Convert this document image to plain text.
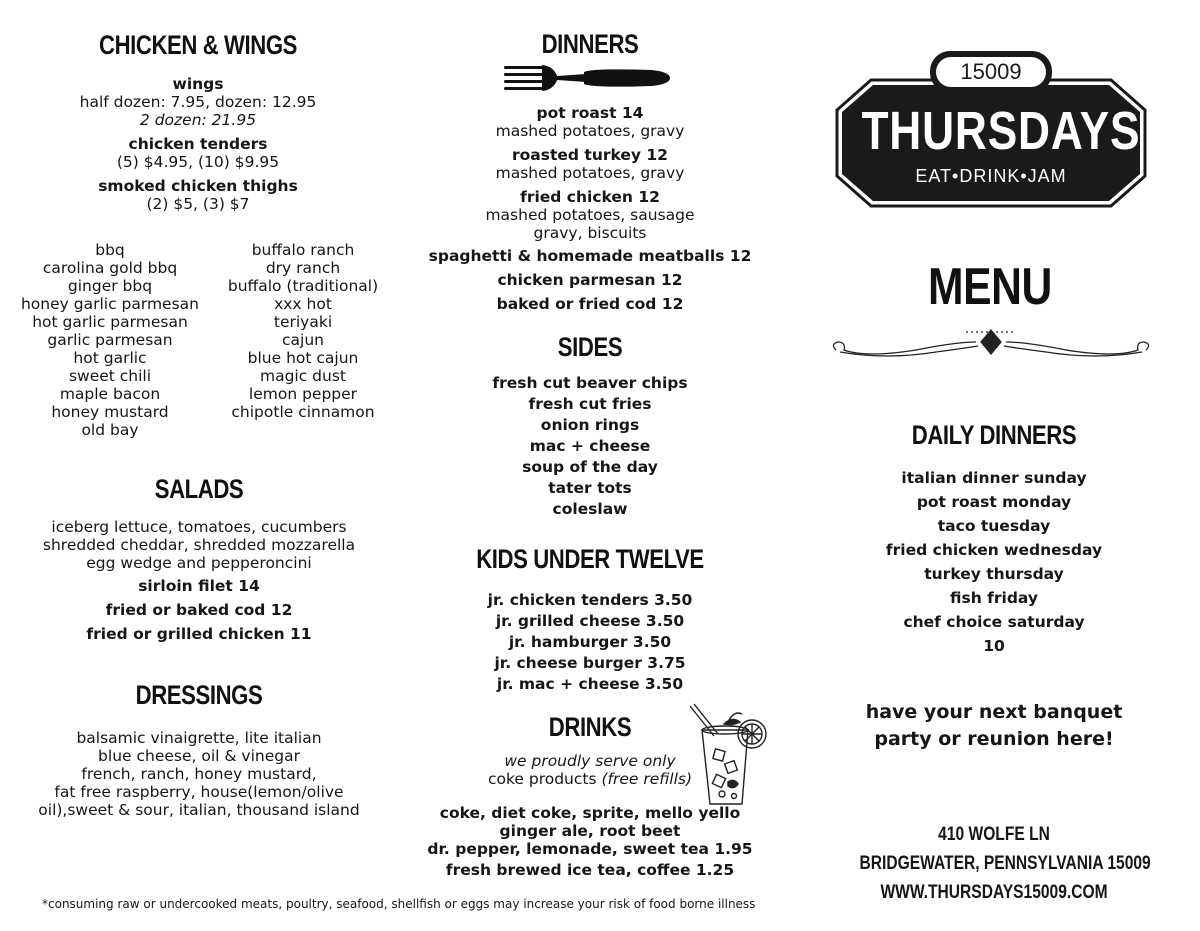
CHICKEN & WINGS
wings
half dozen: 7.95, dozen: 12.95
2 dozen: 21.95
chicken tenders
(5) $4.95, (10) $9.95
smoked chicken thighs
(2) $5, (3) $7
bbq
carolina gold bbq
ginger bbq
honey garlic parmesan
hot garlic parmesan
garlic parmesan
hot garlic
sweet chili
maple bacon
honey mustard
old bay
buffalo ranch
dry ranch
buffalo (traditional)
xxx hot
teriyaki
cajun
blue hot cajun
magic dust
lemon pepper
chipotle cinnamon
SALADS
iceberg lettuce, tomatoes, cucumbers
shredded cheddar, shredded mozzarella
egg wedge and pepperoncini
sirloin filet 14
fried or baked cod 12
fried or grilled chicken 11
DRESSINGS
balsamic vinaigrette, lite italian
blue cheese, oil & vinegar
french, ranch, honey mustard,
fat free raspberry, house(lemon/olive
oil),sweet & sour, italian, thousand island
DINNERS
pot roast 14
mashed potatoes, gravy
roasted turkey 12
mashed potatoes, gravy
fried chicken 12
mashed potatoes, sausage
gravy, biscuits
spaghetti & homemade meatballs 12
chicken parmesan 12
baked or fried cod 12
SIDES
fresh cut beaver chips
fresh cut fries
onion rings
mac + cheese
soup of the day
tater tots
coleslaw
KIDS UNDER TWELVE
jr. chicken tenders 3.50
jr. grilled cheese 3.50
jr. hamburger 3.50
jr. cheese burger 3.75
jr. mac + cheese 3.50
DRINKS
we proudly serve only
coke products (free refills)
coke, diet coke, sprite, mello yello
ginger ale, root beet
dr. pepper, lemonade, sweet tea 1.95
fresh brewed ice tea, coffee 1.25
*consuming raw or undercooked meats, poultry, seafood, shellfish or eggs may increase your risk of food borne illness
15009
THURSDAYS
EAT•DRINK•JAM
MENU
DAILY DINNERS
italian dinner sunday
pot roast monday
taco tuesday
fried chicken wednesday
turkey thursday
fish friday
chef choice saturday
10
have your next banquet
party or reunion here!
410 WOLFE LN
BRIDGEWATER, PENNSYLVANIA 15009
WWW.THURSDAYS15009.COM
